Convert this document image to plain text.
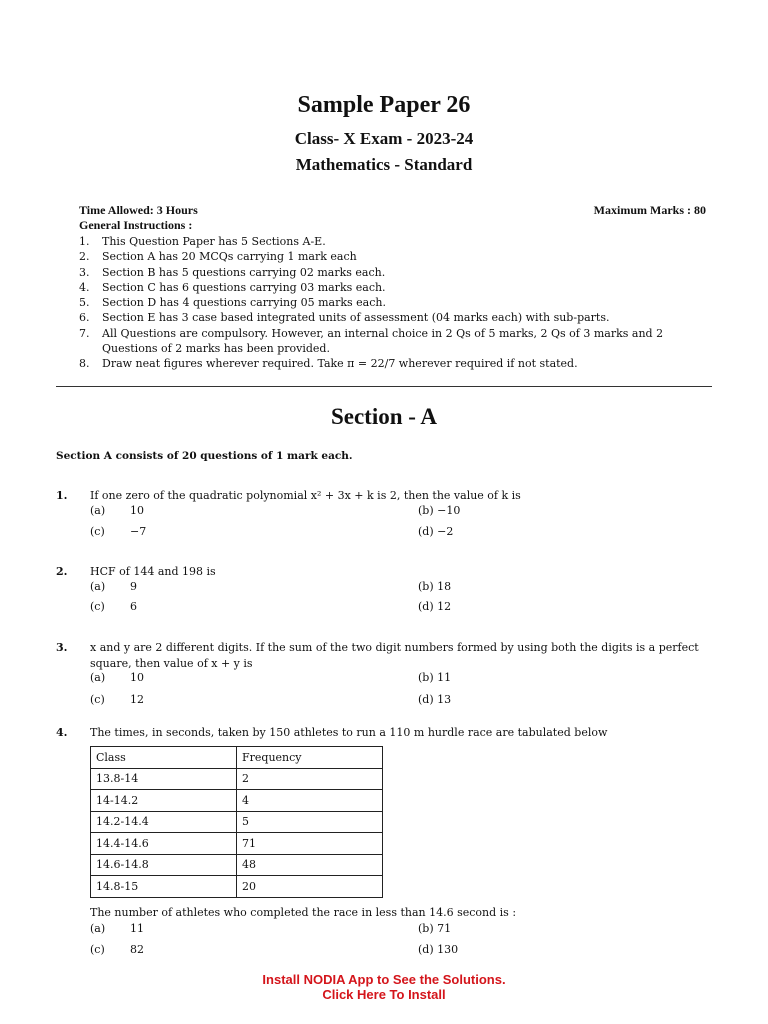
Sample Paper 26
Class- X Exam - 2023-24
Mathematics - Standard
Time Allowed: 3 Hours	Maximum Marks : 80
General Instructions :
1. This Question Paper has 5 Sections A-E.
2. Section A has 20 MCQs carrying 1 mark each
3. Section B has 5 questions carrying 02 marks each.
4. Section C has 6 questions carrying 03 marks each.
5. Section D has 4 questions carrying 05 marks each.
6. Section E has 3 case based integrated units of assessment (04 marks each) with sub-parts.
7. All Questions are compulsory. However, an internal choice in 2 Qs of 5 marks, 2 Qs of 3 marks and 2 Questions of 2 marks has been provided.
8. Draw neat figures wherever required. Take π = 22/7 wherever required if not stated.
Section - A
Section A consists of 20 questions of 1 mark each.
1. If one zero of the quadratic polynomial x² + 3x + k is 2, then the value of k is
(a) 10	(b) −10
(c) −7	(d) −2
2. HCF of 144 and 198 is
(a) 9	(b) 18
(c) 6	(d) 12
3. x and y are 2 different digits. If the sum of the two digit numbers formed by using both the digits is a perfect square, then value of x + y is
(a) 10	(b) 11
(c) 12	(d) 13
4. The times, in seconds, taken by 150 athletes to run a 110 m hurdle race are tabulated below
Class	Frequency
13.8-14	2
14-14.2	4
14.2-14.4	5
14.4-14.6	71
14.6-14.8	48
14.8-15	20
The number of athletes who completed the race in less than 14.6 second is :
(a) 11	(b) 71
(c) 82	(d) 130
Install NODIA App to See the Solutions.
Click Here To Install
